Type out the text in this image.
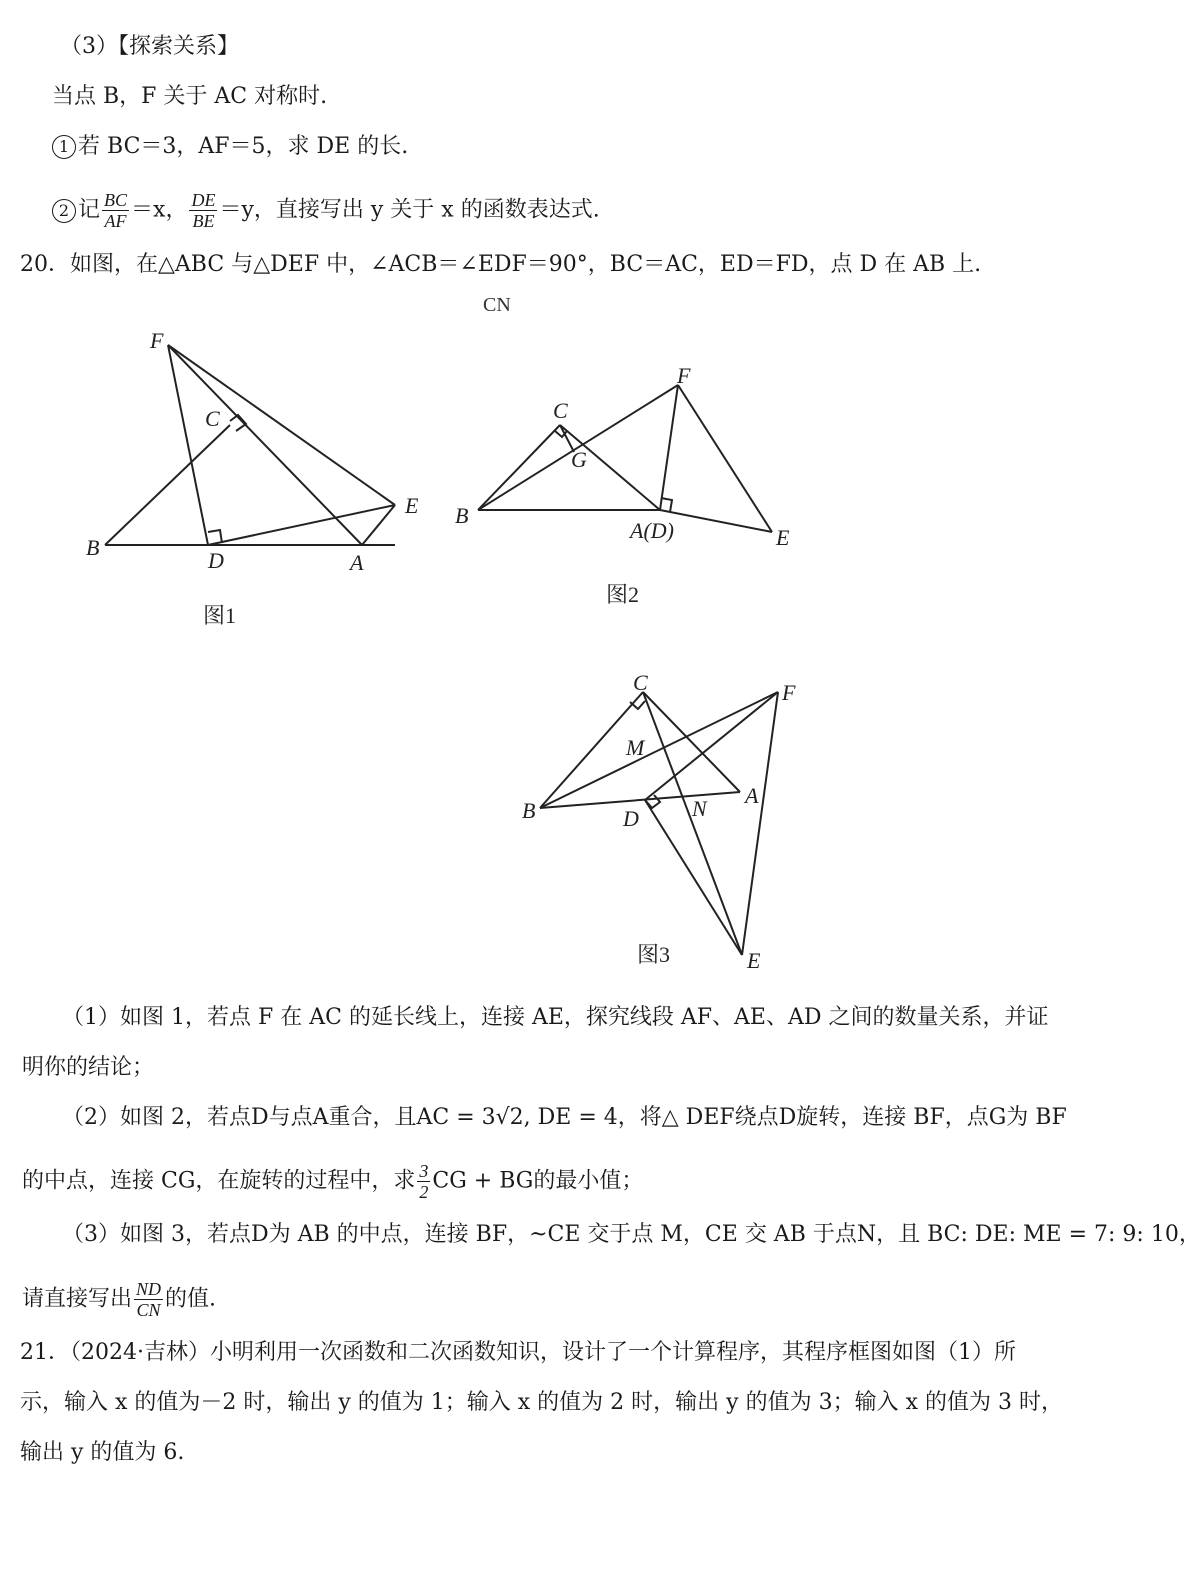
（3）【探索关系】
当点 B，F 关于 AC 对称时.
1 若 BC＝3，AF＝5，求 DE 的长.
2 记 $\frac{BC}{AF} =x$， $\frac{DE}{BE} =y$，直接写出 y 关于 x 的函数表达式.
20．如图，在△ABC 与△DEF 中，∠ACB＝∠EDF＝90°，BC＝AC，ED＝FD，点 D 在 AB 上.
CN
F
C
E
B
D	A
图1
C
F
G
B
A(D)	E
图2
C	F
M
B
A
D N
E
图3
（1）如图 1，若点 F 在 AC 的延长线上，连接 AE，探究线段 AF、AE、AD 之间的数量关系，并证
明你的结论；
（2）如图 2，若点D与点A重合，且AC = 3√2, DE = 4，将△ DEF绕点D旋转，连接 BF，点G为 BF
的中点，连接 CG，在旋转的过程中，求 $\frac{3}{2}$ CG + BG的最小值；
（3）如图 3，若点D为 AB 的中点，连接 BF，~CE 交于点 M，CE 交 AB 于点N，且 BC: DE: ME = 7: 9: 10，
请直接写出 $\frac{ND}{CN}$ 的值.
21．（2024·吉林）小明利用一次函数和二次函数知识，设计了一个计算程序，其程序框图如图（1）所
示，输入 x 的值为－2 时，输出 y 的值为 1；输入 x 的值为 2 时，输出 y 的值为 3；输入 x 的值为 3 时，
输出 y 的值为 6.
